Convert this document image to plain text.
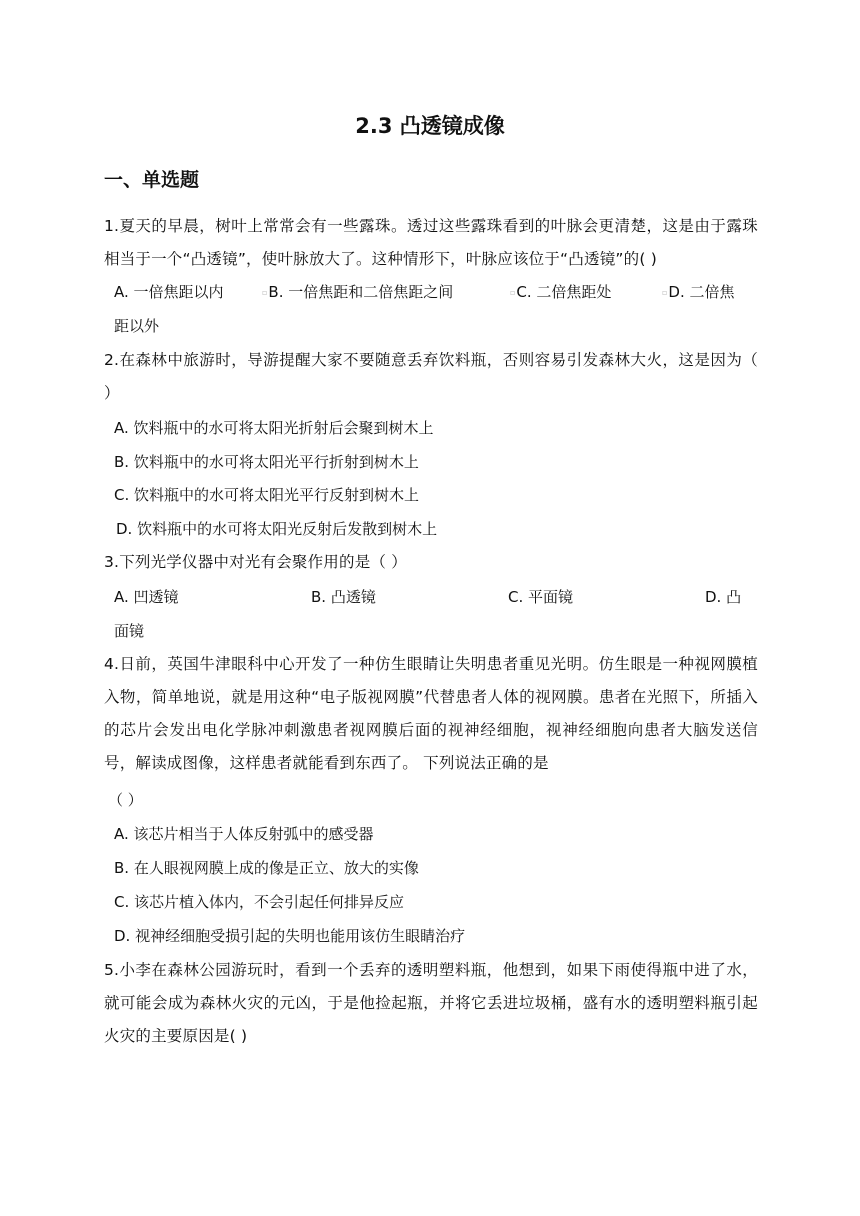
2.3 凸透镜成像
一、单选题
1.夏天的早晨，树叶上常常会有一些露珠。透过这些露珠看到的叶脉会更清楚，这是由于露珠相当于一个“凸透镜”，使叶脉放大了。这种情形下，叶脉应该位于“凸透镜”的( )
A. 一倍焦距以内	▫B. 一倍焦距和二倍焦距之间	▫C. 二倍焦距处	▫D. 二倍焦
距以外
2.在森林中旅游时，导游提醒大家不要随意丢弃饮料瓶，否则容易引发森林大火，这是因为（ ）
A. 饮料瓶中的水可将太阳光折射后会聚到树木上
B. 饮料瓶中的水可将太阳光平行折射到树木上
C. 饮料瓶中的水可将太阳光平行反射到树木上
D. 饮料瓶中的水可将太阳光反射后发散到树木上
3.下列光学仪器中对光有会聚作用的是（ ）
A. 凹透镜	B. 凸透镜	C. 平面镜	D. 凸
面镜
4.日前，英国牛津眼科中心开发了一种仿生眼睛让失明患者重见光明。仿生眼是一种视网膜植入物，简单地说，就是用这种“电子版视网膜”代替患者人体的视网膜。患者在光照下，所插入的芯片会发出电化学脉冲刺激患者视网膜后面的视神经细胞，视神经细胞向患者大脑发送信号，解读成图像，这样患者就能看到东西了。 下列说法正确的是
（ ）
A. 该芯片相当于人体反射弧中的感受器
B. 在人眼视网膜上成的像是正立、放大的实像
C. 该芯片植入体内，不会引起任何排异反应
D. 视神经细胞受损引起的失明也能用该仿生眼睛治疗
5.小李在森林公园游玩时，看到一个丢弃的透明塑料瓶，他想到，如果下雨使得瓶中进了水，就可能会成为森林火灾的元凶，于是他捡起瓶，并将它丢进垃圾桶，盛有水的透明塑料瓶引起火灾的主要原因是( )
